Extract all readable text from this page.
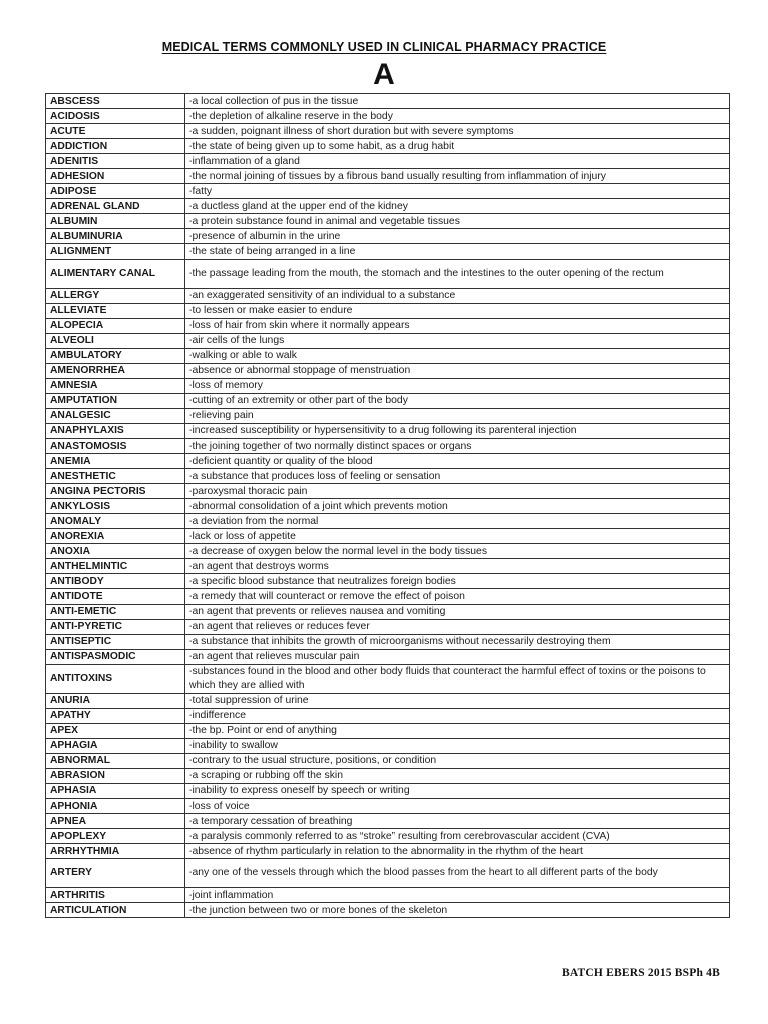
MEDICAL TERMS COMMONLY USED IN CLINICAL PHARMACY PRACTICE
A
ABSCESS	-a local collection of pus in the tissue
ACIDOSIS	-the depletion of alkaline reserve in the body
ACUTE	-a sudden, poignant illness of short duration but with severe symptoms
ADDICTION	-the state of being given up to some habit, as a drug habit
ADENITIS	-inflammation of a gland
ADHESION	-the normal joining of tissues by a fibrous band usually resulting from inflammation of injury
ADIPOSE	-fatty
ADRENAL GLAND	-a ductless gland at the upper end of the kidney
ALBUMIN	-a protein substance found in animal and vegetable tissues
ALBUMINURIA	-presence of albumin in the urine
ALIGNMENT	-the state of being arranged in a line
ALIMENTARY CANAL	-the passage leading from the mouth, the stomach and the intestines to the outer opening of the rectum
ALLERGY	-an exaggerated sensitivity of an individual to a substance
ALLEVIATE	-to lessen or make easier to endure
ALOPECIA	-loss of hair from skin where it normally appears
ALVEOLI	-air cells of the lungs
AMBULATORY	-walking or able to walk
AMENORRHEA	-absence or abnormal stoppage of menstruation
AMNESIA	-loss of memory
AMPUTATION	-cutting of an extremity or other part of the body
ANALGESIC	-relieving pain
ANAPHYLAXIS	-increased susceptibility or hypersensitivity to a drug following its parenteral injection
ANASTOMOSIS	-the joining together of two normally distinct spaces or organs
ANEMIA	-deficient quantity or quality of the blood
ANESTHETIC	-a substance that produces loss of feeling or sensation
ANGINA PECTORIS	-paroxysmal thoracic pain
ANKYLOSIS	-abnormal consolidation of a joint which prevents motion
ANOMALY	-a deviation from the normal
ANOREXIA	-lack or loss of appetite
ANOXIA	-a decrease of oxygen below the normal level in the body tissues
ANTHELMINTIC	-an agent that destroys worms
ANTIBODY	-a specific blood substance that neutralizes foreign bodies
ANTIDOTE	-a remedy that will counteract or remove the effect of poison
ANTI-EMETIC	-an agent that prevents or relieves nausea and vomiting
ANTI-PYRETIC	-an agent that relieves or reduces fever
ANTISEPTIC	-a substance that inhibits the growth of microorganisms without necessarily destroying them
ANTISPASMODIC	-an agent that relieves muscular pain
ANTITOXINS	-substances found in the blood and other body fluids that counteract the harmful effect of toxins or the poisons to which they are allied with
ANURIA	-total suppression of urine
APATHY	-indifference
APEX	-the bp. Point or end of anything
APHAGIA	-inability to swallow
ABNORMAL	-contrary to the usual structure, positions, or condition
ABRASION	-a scraping or rubbing off the skin
APHASIA	-inability to express oneself by speech or writing
APHONIA	-loss of voice
APNEA	-a temporary cessation of breathing
APOPLEXY	-a paralysis commonly referred to as “stroke” resulting from cerebrovascular accident (CVA)
ARRHYTHMIA	-absence of rhythm particularly in relation to the abnormality in the rhythm of the heart
ARTERY	-any one of the vessels through which the blood passes from the heart to all different parts of the body
ARTHRITIS	-joint inflammation
ARTICULATION	-the junction between two or more bones of the skeleton
BATCH EBERS 2015 BSPh 4B
